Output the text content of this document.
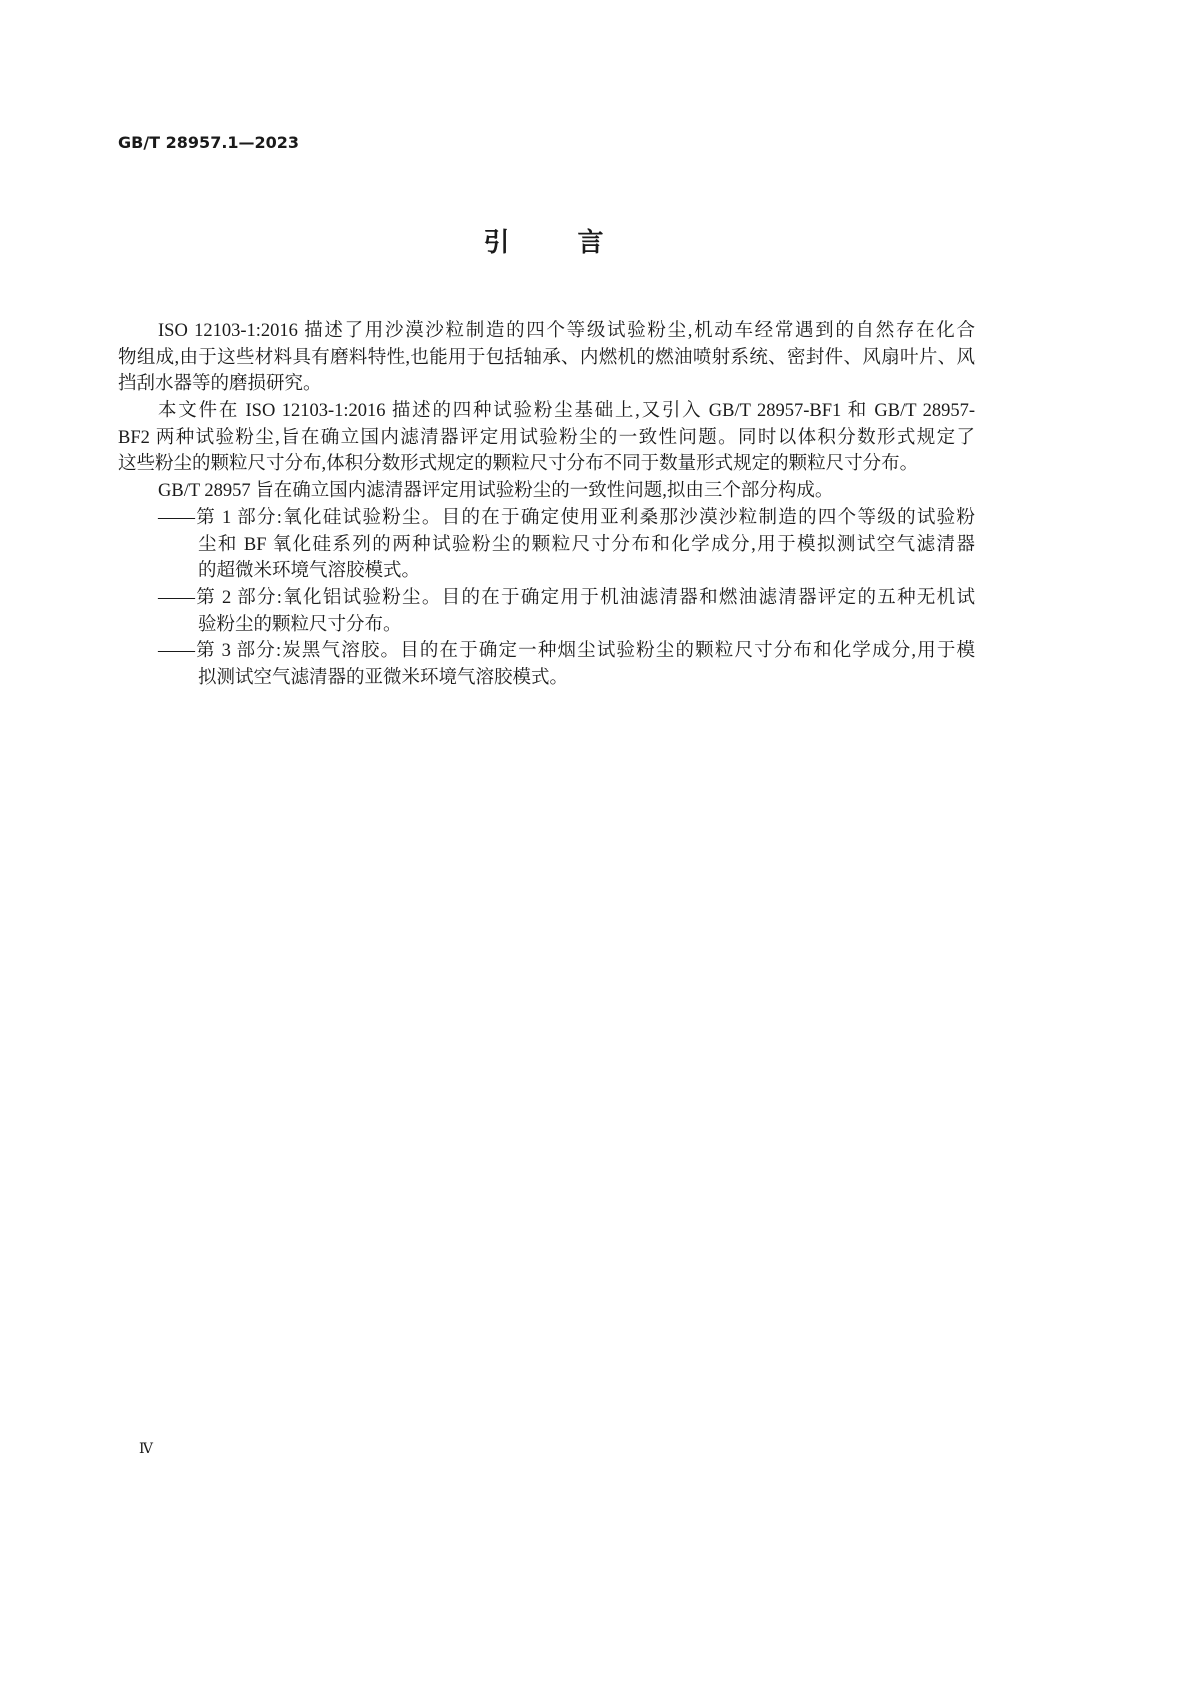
GB/T 28957.1—2023
引 言
ISO 12103-1:2016 描述了用沙漠沙粒制造的四个等级试验粉尘,机动车经常遇到的自然存在化合
物组成,由于这些材料具有磨料特性,也能用于包括轴承、内燃机的燃油喷射系统、密封件、风扇叶片、风
挡刮水器等的磨损研究。
本文件在 ISO 12103-1:2016 描述的四种试验粉尘基础上,又引入 GB/T 28957-BF1 和 GB/T 28957-
BF2 两种试验粉尘,旨在确立国内滤清器评定用试验粉尘的一致性问题。同时以体积分数形式规定了
这些粉尘的颗粒尺寸分布,体积分数形式规定的颗粒尺寸分布不同于数量形式规定的颗粒尺寸分布。
GB/T 28957 旨在确立国内滤清器评定用试验粉尘的一致性问题,拟由三个部分构成。
——第 1 部分:氧化硅试验粉尘。目的在于确定使用亚利桑那沙漠沙粒制造的四个等级的试验粉
尘和 BF 氧化硅系列的两种试验粉尘的颗粒尺寸分布和化学成分,用于模拟测试空气滤清器
的超微米环境气溶胶模式。
——第 2 部分:氧化铝试验粉尘。目的在于确定用于机油滤清器和燃油滤清器评定的五种无机试
验粉尘的颗粒尺寸分布。
——第 3 部分:炭黑气溶胶。目的在于确定一种烟尘试验粉尘的颗粒尺寸分布和化学成分,用于模
拟测试空气滤清器的亚微米环境气溶胶模式。
Ⅳ
